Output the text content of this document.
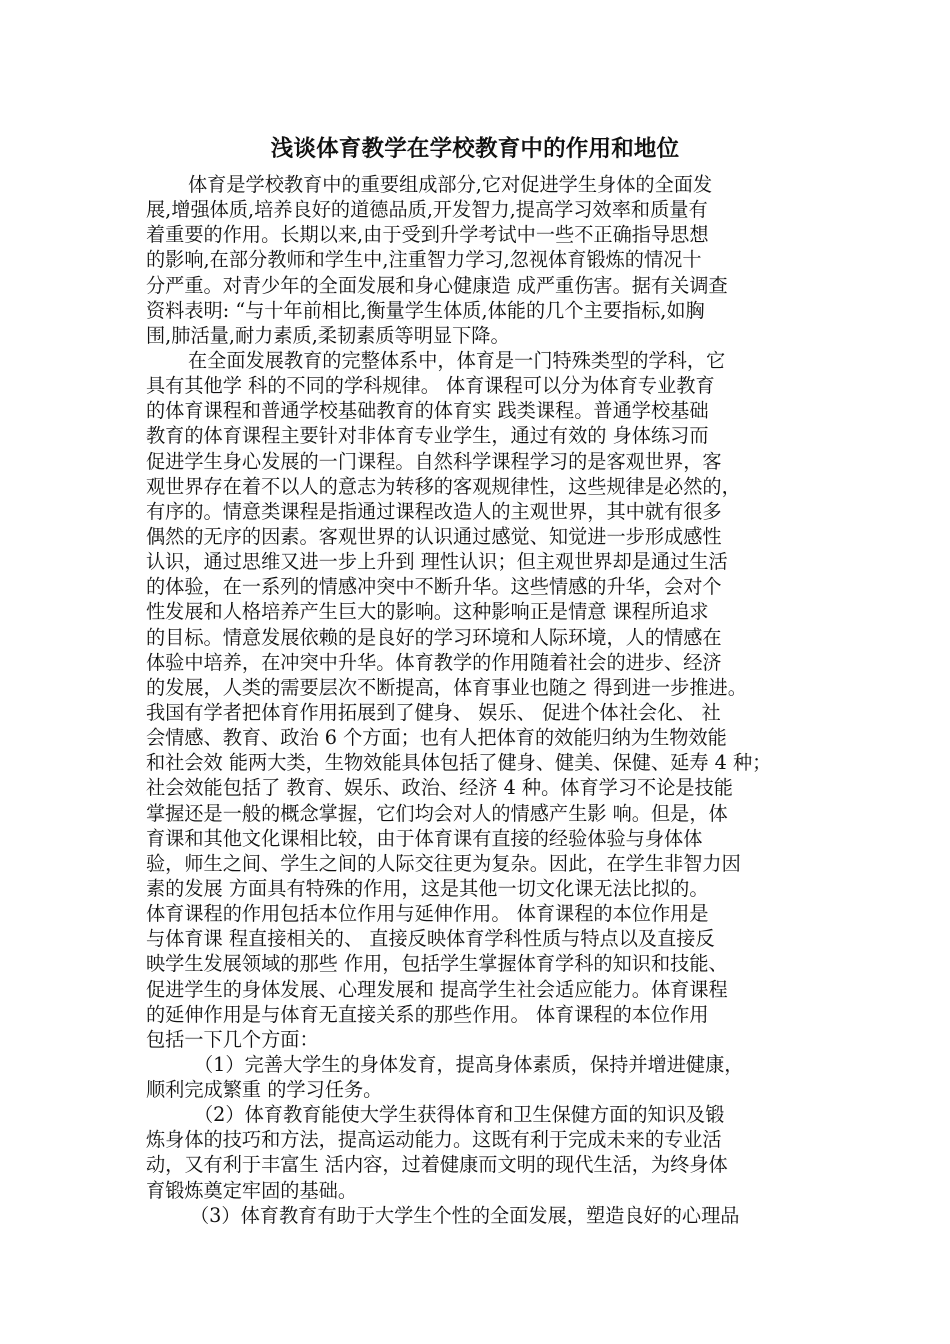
浅谈体育教学在学校教育中的作用和地位
体育是学校教育中的重要组成部分,它对促进学生身体的全面发
展,增强体质,培养良好的道德品质,开发智力,提高学习效率和质量有
着重要的作用。长期以来,由于受到升学考试中一些不正确指导思想
的影响,在部分教师和学生中,注重智力学习,忽视体育锻炼的情况十
分严重。对青少年的全面发展和身心健康造 成严重伤害。据有关调查
资料表明: “与十年前相比,衡量学生体质,体能的几个主要指标,如胸
围,肺活量,耐力素质,柔韧素质等明显下降。
在全面发展教育的完整体系中，体育是一门特殊类型的学科，它
具有其他学 科的不同的学科规律。 体育课程可以分为体育专业教育
的体育课程和普通学校基础教育的体育实 践类课程。普通学校基础
教育的体育课程主要针对非体育专业学生，通过有效的 身体练习而
促进学生身心发展的一门课程。自然科学课程学习的是客观世界，客
观世界存在着不以人的意志为转移的客观规律性，这些规律是必然的，
有序的。情意类课程是指通过课程改造人的主观世界，其中就有很多
偶然的无序的因素。客观世界的认识通过感觉、知觉进一步形成感性
认识，通过思维又进一步上升到 理性认识；但主观世界却是通过生活
的体验，在一系列的情感冲突中不断升华。这些情感的升华，会对个
性发展和人格培养产生巨大的影响。这种影响正是情意 课程所追求
的目标。情意发展依赖的是良好的学习环境和人际环境，人的情感在
体验中培养，在冲突中升华。体育教学的作用随着社会的进步、经济
的发展，人类的需要层次不断提高，体育事业也随之 得到进一步推进。
我国有学者把体育作用拓展到了健身、 娱乐、 促进个体社会化、 社
会情感、教育、政治 6 个方面；也有人把体育的效能归纳为生物效能
和社会效 能两大类，生物效能具体包括了健身、健美、保健、延寿 4 种；
社会效能包括了 教育、娱乐、政治、经济 4 种。体育学习不论是技能
掌握还是一般的概念掌握，它们均会对人的情感产生影 响。但是，体
育课和其他文化课相比较，由于体育课有直接的经验体验与身体体
验，师生之间、学生之间的人际交往更为复杂。因此，在学生非智力因
素的发展 方面具有特殊的作用，这是其他一切文化课无法比拟的。
体育课程的作用包括本位作用与延伸作用。 体育课程的本位作用是
与体育课 程直接相关的、 直接反映体育学科性质与特点以及直接反
映学生发展领域的那些 作用，包括学生掌握体育学科的知识和技能、
促进学生的身体发展、心理发展和 提高学生社会适应能力。体育课程
的延伸作用是与体育无直接关系的那些作用。 体育课程的本位作用
包括一下几个方面：
（1）完善大学生的身体发育，提高身体素质，保持并增进健康，
顺利完成繁重 的学习任务。
（2）体育教育能使大学生获得体育和卫生保健方面的知识及锻
炼身体的技巧和方法，提高运动能力。这既有利于完成未来的专业活
动，又有利于丰富生 活内容，过着健康而文明的现代生活，为终身体
育锻炼奠定牢固的基础。
（3）体育教育有助于大学生个性的全面发展，塑造良好的心理品
